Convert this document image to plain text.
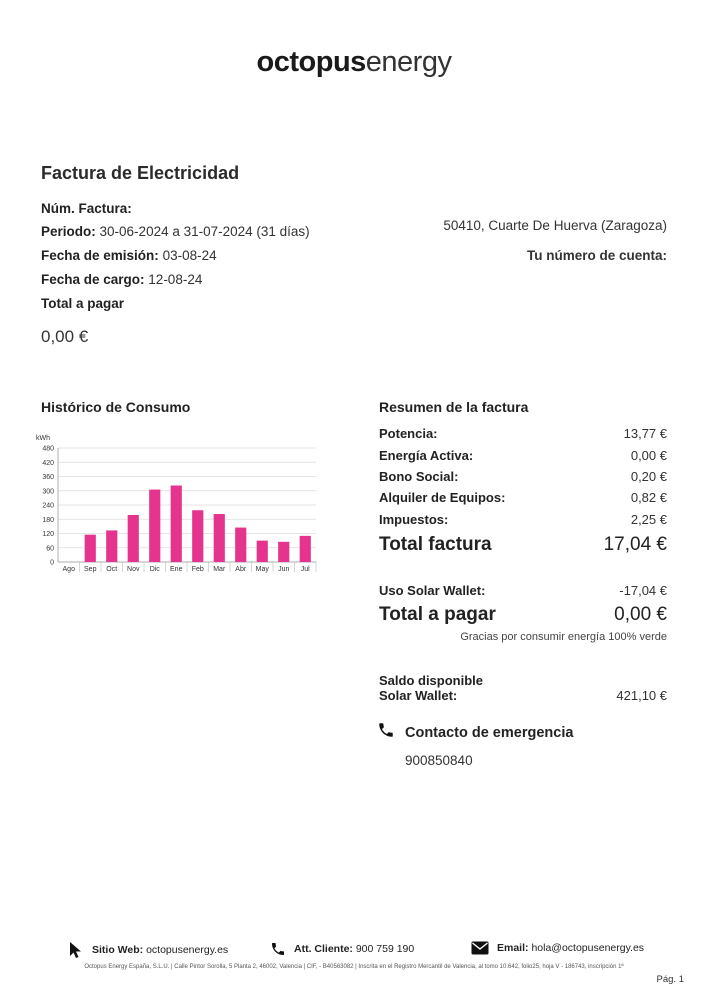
octopusenergy
Factura de Electricidad
Núm. Factura:
Periodo: 30-06-2024 a 31-07-2024 (31 días)
Fecha de emisión: 03-08-24
Fecha de cargo: 12-08-24
Total a pagar
0,00 €
50410, Cuarte De Huerva (Zaragoza)
Tu número de cuenta:
Histórico de Consumo
kWh
0
60
120
180
240
300
360
420
480
Ago Sep Oct Nov Dic Ene Feb Mar Abr May Jun Jul
Resumen de la factura
Potencia:	13,77 €
Energía Activa:	0,00 €
Bono Social:	0,20 €
Alquiler de Equipos:	0,82 €
Impuestos:	2,25 €
Total factura	17,04 €
Uso Solar Wallet:	-17,04 €
Total a pagar	0,00 €
Gracias por consumir energía 100% verde
Saldo disponible
Solar Wallet:	421,10 €
Contacto de emergencia
900850840
Sitio Web: octopusenergy.es	Att. Cliente: 900 759 190	Email: hola@octopusenergy.es
Octopus Energy España, S.L.U. | Calle Pintor Sorolla, 5 Planta 2, 46002, Valencia | CIF, - B40563082 | Inscrita en el Registro Mercantil de Valencia, al tomo 10.642, folio25, hoja V - 186743, inscripción 1ª
Pág. 1
